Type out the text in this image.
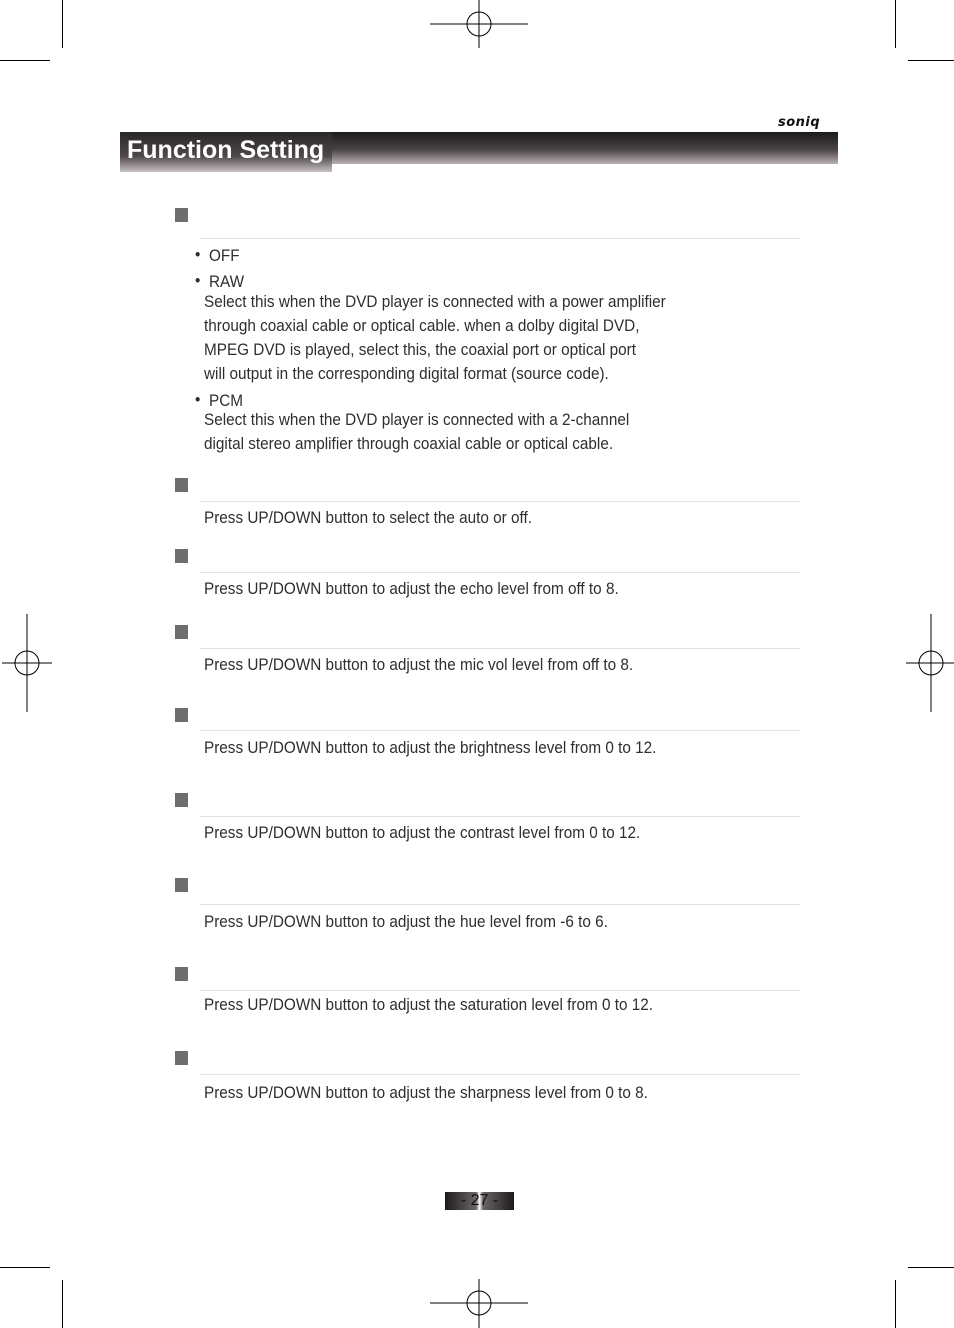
soniq
Function Setting
• OFF
• RAW
Select this when the DVD player is connected with a power amplifier
through coaxial cable or optical cable. when a dolby digital DVD,
MPEG DVD is played, select this, the coaxial port or optical port
will output in the corresponding digital format (source code).
• PCM
Select this when the DVD player is connected with a 2-channel
digital stereo amplifier through coaxial cable or optical cable.
Press UP/DOWN button to select the auto or off.
Press UP/DOWN button to adjust the echo level from off to 8.
Press UP/DOWN button to adjust the mic vol level from off to 8.
Press UP/DOWN button to adjust the brightness level from 0 to 12.
Press UP/DOWN button to adjust the contrast level from 0 to 12.
Press UP/DOWN button to adjust the hue level from -6 to 6.
Press UP/DOWN button to adjust the saturation level from 0 to 12.
Press UP/DOWN button to adjust the sharpness level from 0 to 8.
- 27 -
